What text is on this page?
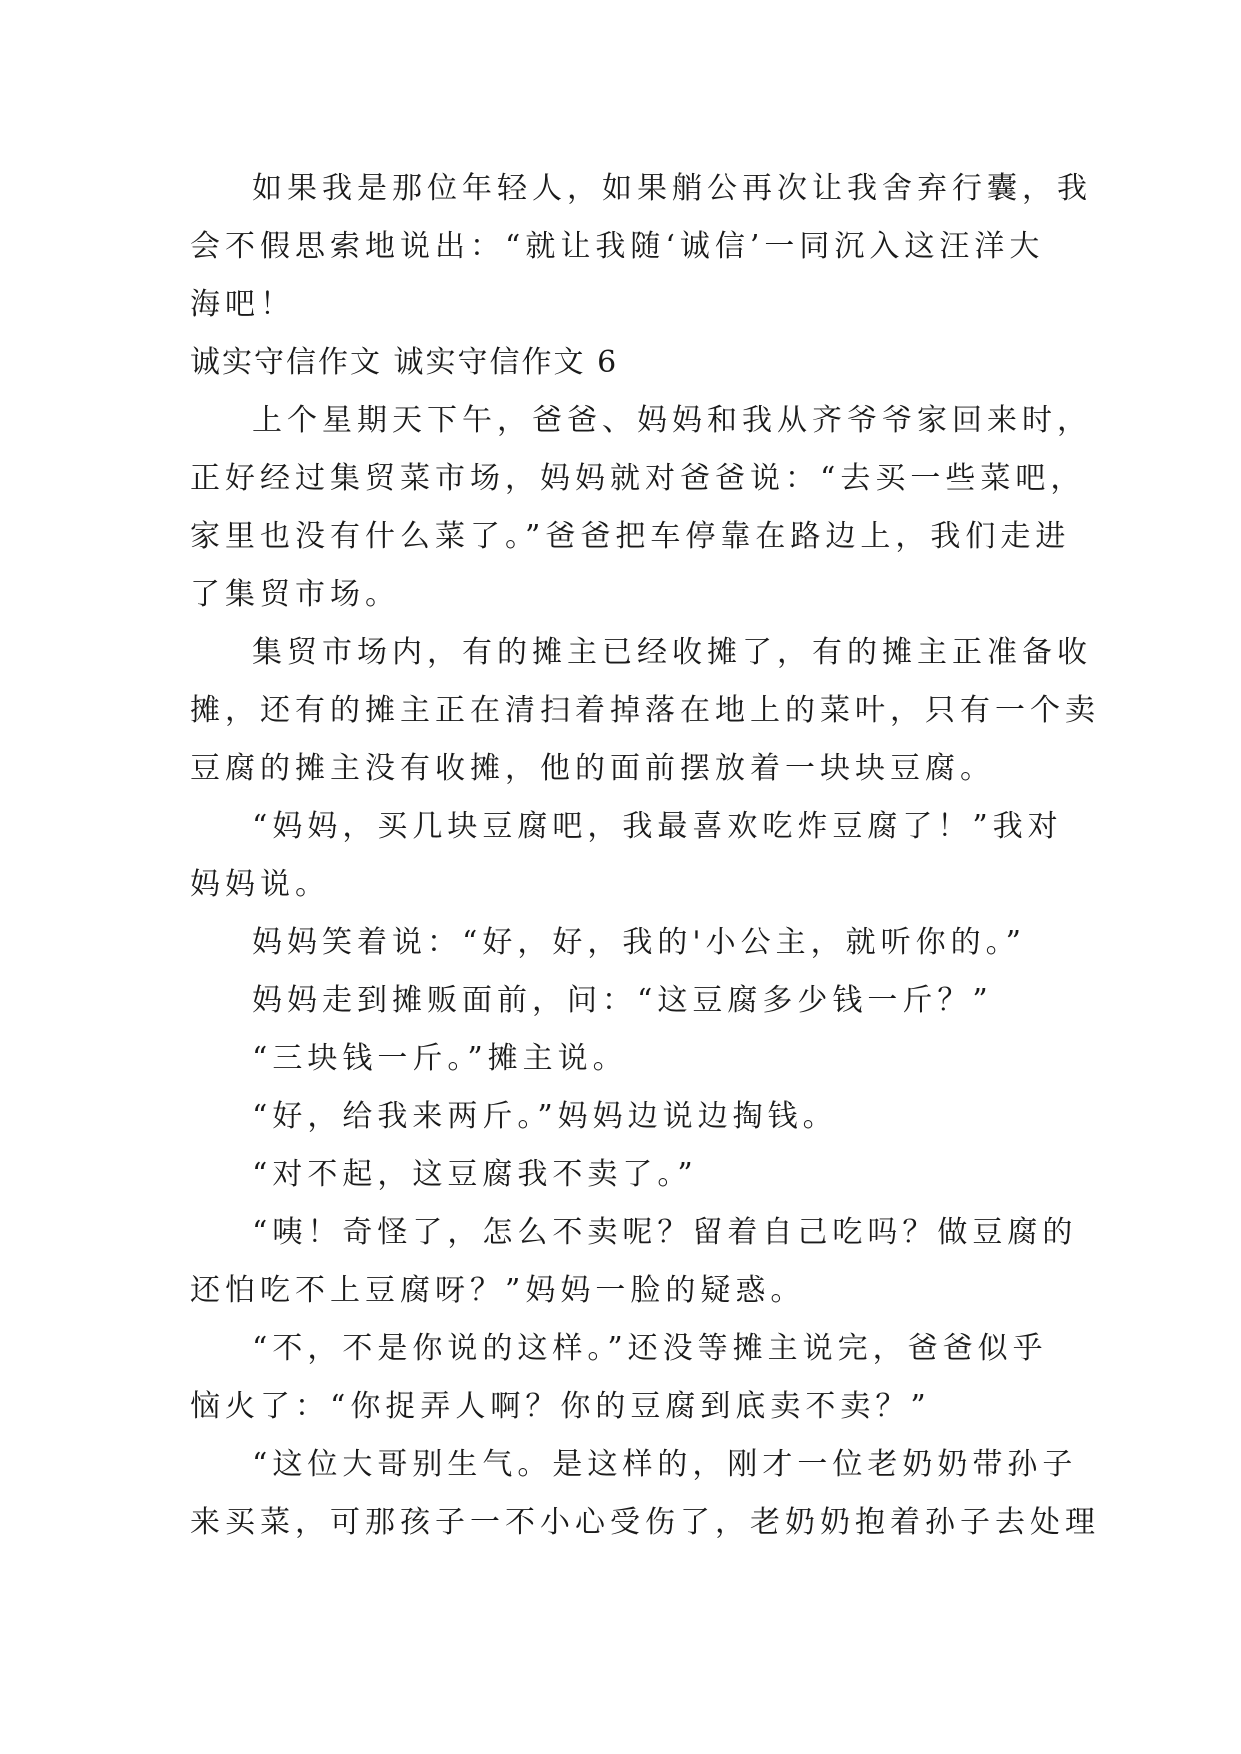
如果我是那位年轻人，如果艄公再次让我舍弃行囊，我

会不假思索地说出：“就让我随‘诚信’一同沉入这汪洋大

海吧！

诚实守信作文 诚实守信作文 6

上个星期天下午，爸爸、妈妈和我从齐爷爷家回来时，

正好经过集贸菜市场，妈妈就对爸爸说：“去买一些菜吧，

家里也没有什么菜了。”爸爸把车停靠在路边上，我们走进

了集贸市场。

集贸市场内，有的摊主已经收摊了，有的摊主正准备收

摊，还有的摊主正在清扫着掉落在地上的菜叶，只有一个卖

豆腐的摊主没有收摊，他的面前摆放着一块块豆腐。

“妈妈，买几块豆腐吧，我最喜欢吃炸豆腐了！”我对

妈妈说。

妈妈笑着说：“好，好，我的'小公主，就听你的。”

妈妈走到摊贩面前，问：“这豆腐多少钱一斤？”

“三块钱一斤。”摊主说。

“好，给我来两斤。”妈妈边说边掏钱。

“对不起，这豆腐我不卖了。”

“咦！奇怪了，怎么不卖呢？留着自己吃吗？做豆腐的

还怕吃不上豆腐呀？”妈妈一脸的疑惑。

“不，不是你说的这样。”还没等摊主说完，爸爸似乎

恼火了：“你捉弄人啊？你的豆腐到底卖不卖？”

“这位大哥别生气。是这样的，刚才一位老奶奶带孙子

来买菜，可那孩子一不小心受伤了，老奶奶抱着孙子去处理
